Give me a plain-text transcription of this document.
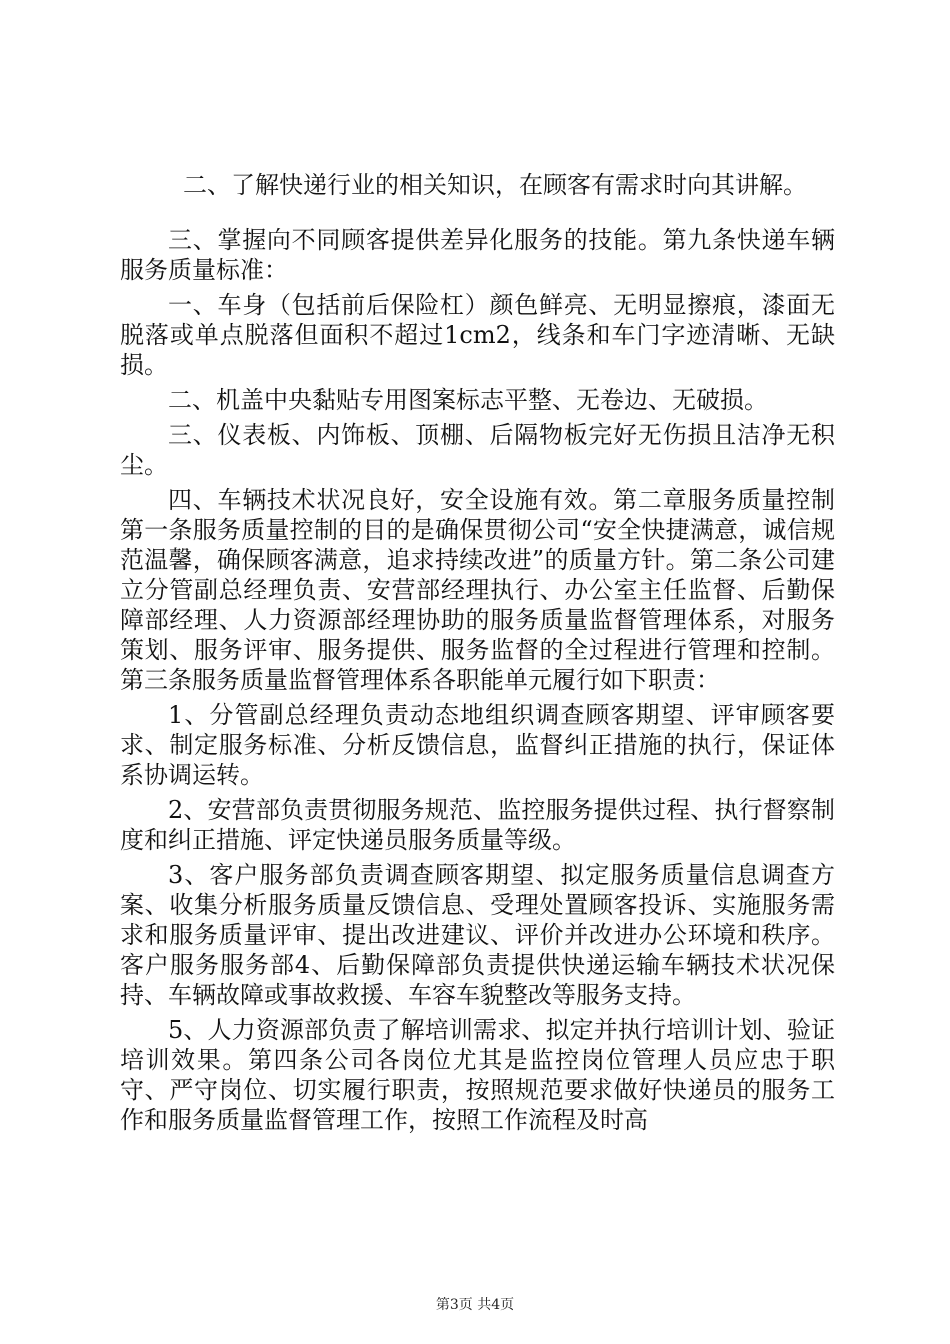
二、了解快递行业的相关知识，在顾客有需求时向其讲解。

三、掌握向不同顾客提供差异化服务的技能。第九条快递车辆服务质量标准：

一、车身（包括前后保险杠）颜色鲜亮、无明显擦痕，漆面无脱落或单点脱落但面积不超过1cm2，线条和车门字迹清晰、无缺损。

二、机盖中央黏贴专用图案标志平整、无卷边、无破损。

三、仪表板、内饰板、顶棚、后隔物板完好无伤损且洁净无积尘。

四、车辆技术状况良好，安全设施有效。第二章服务质量控制第一条服务质量控制的目的是确保贯彻公司“安全快捷满意，诚信规范温馨，确保顾客满意，追求持续改进”的质量方针。第二条公司建立分管副总经理负责、安营部经理执行、办公室主任监督、后勤保障部经理、人力资源部经理协助的服务质量监督管理体系，对服务策划、服务评审、服务提供、服务监督的全过程进行管理和控制。第三条服务质量监督管理体系各职能单元履行如下职责：

1、分管副总经理负责动态地组织调查顾客期望、评审顾客要求、制定服务标准、分析反馈信息，监督纠正措施的执行，保证体系协调运转。

2、安营部负责贯彻服务规范、监控服务提供过程、执行督察制度和纠正措施、评定快递员服务质量等级。

3、客户服务部负责调查顾客期望、拟定服务质量信息调查方案、收集分析服务质量反馈信息、受理处置顾客投诉、实施服务需求和服务质量评审、提出改进建议、评价并改进办公环境和秩序。客户服务服务部4、后勤保障部负责提供快递运输车辆技术状况保持、车辆故障或事故救援、车容车貌整改等服务支持。

5、人力资源部负责了解培训需求、拟定并执行培训计划、验证培训效果。第四条公司各岗位尤其是监控岗位管理人员应忠于职守、严守岗位、切实履行职责，按照规范要求做好快递员的服务工作和服务质量监督管理工作，按照工作流程及时高

第3页 共4页
